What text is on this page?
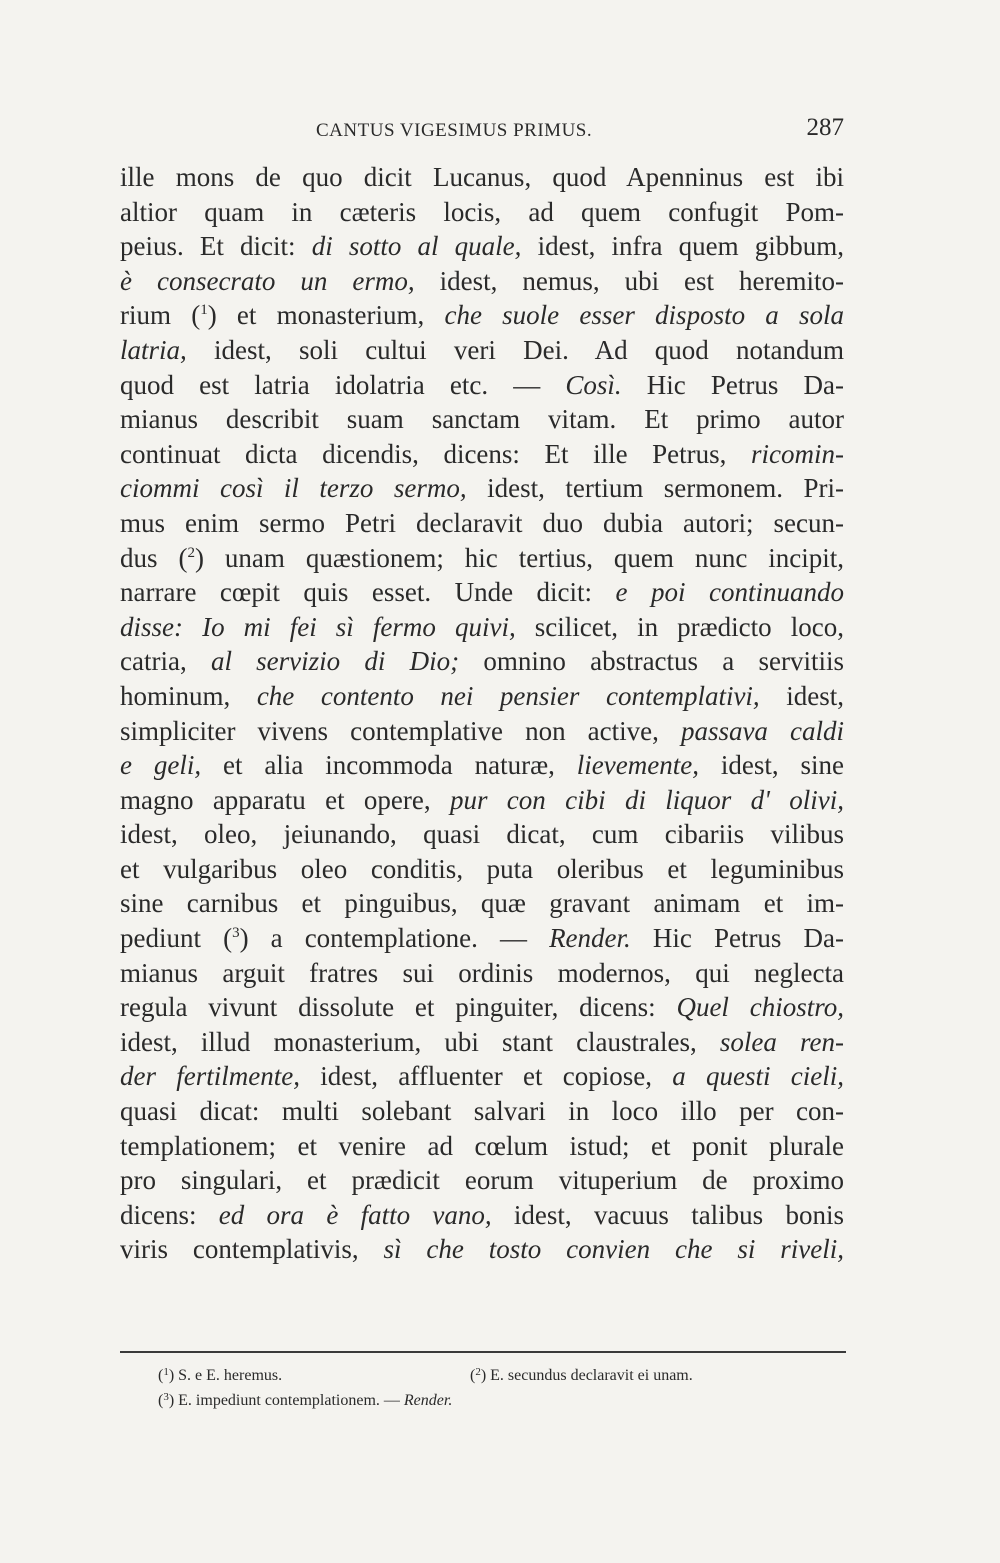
CANTUS VIGESIMUS PRIMUS.	287
ille mons de quo dicit Lucanus, quod Apenninus est ibi
altior quam in cæteris locis, ad quem confugit Pom-
peius. Et dicit: di sotto al quale, idest, infra quem gibbum,
è consecrato un ermo, idest, nemus, ubi est heremito-
rium ($^1$) et monasterium, che suole esser disposto a sola
latria, idest, soli cultui veri Dei. Ad quod notandum
quod est latria idolatria etc. — Così. Hic Petrus Da-
mianus describit suam sanctam vitam. Et primo autor
continuat dicta dicendis, dicens: Et ille Petrus, ricomin-
ciommi così il terzo sermo, idest, tertium sermonem. Pri-
mus enim sermo Petri declaravit duo dubia autori; secun-
dus ($^2$) unam quæstionem; hic tertius, quem nunc incipit,
narrare cœpit quis esset. Unde dicit: e poi continuando
disse: Io mi fei sì fermo quivi, scilicet, in prædicto loco,
catria, al servizio di Dio; omnino abstractus a servitiis
hominum, che contento nei pensier contemplativi, idest,
simpliciter vivens contemplative non active, passava caldi
e geli, et alia incommoda naturæ, lievemente, idest, sine
magno apparatu et opere, pur con cibi di liquor d' olivi,
idest, oleo, jeiunando, quasi dicat, cum cibariis vilibus
et vulgaribus oleo conditis, puta oleribus et leguminibus
sine carnibus et pinguibus, quæ gravant animam et im-
pediunt ($^3$) a contemplatione. — Render. Hic Petrus Da-
mianus arguit fratres sui ordinis modernos, qui neglecta
regula vivunt dissolute et pinguiter, dicens: Quel chiostro,
idest, illud monasterium, ubi stant claustrales, solea ren-
der fertilmente, idest, affluenter et copiose, a questi cieli,
quasi dicat: multi solebant salvari in loco illo per con-
templationem; et venire ad cœlum istud; et ponit plurale
pro singulari, et prædicit eorum vituperium de proximo
dicens: ed ora è fatto vano, idest, vacuus talibus bonis
viris contemplativis, sì che tosto convien che si riveli,
($^1$) S. e E. heremus.	($^2$) E. secundus declaravit ei unam.
($^3$) E. impediunt contemplationem. — Render.
